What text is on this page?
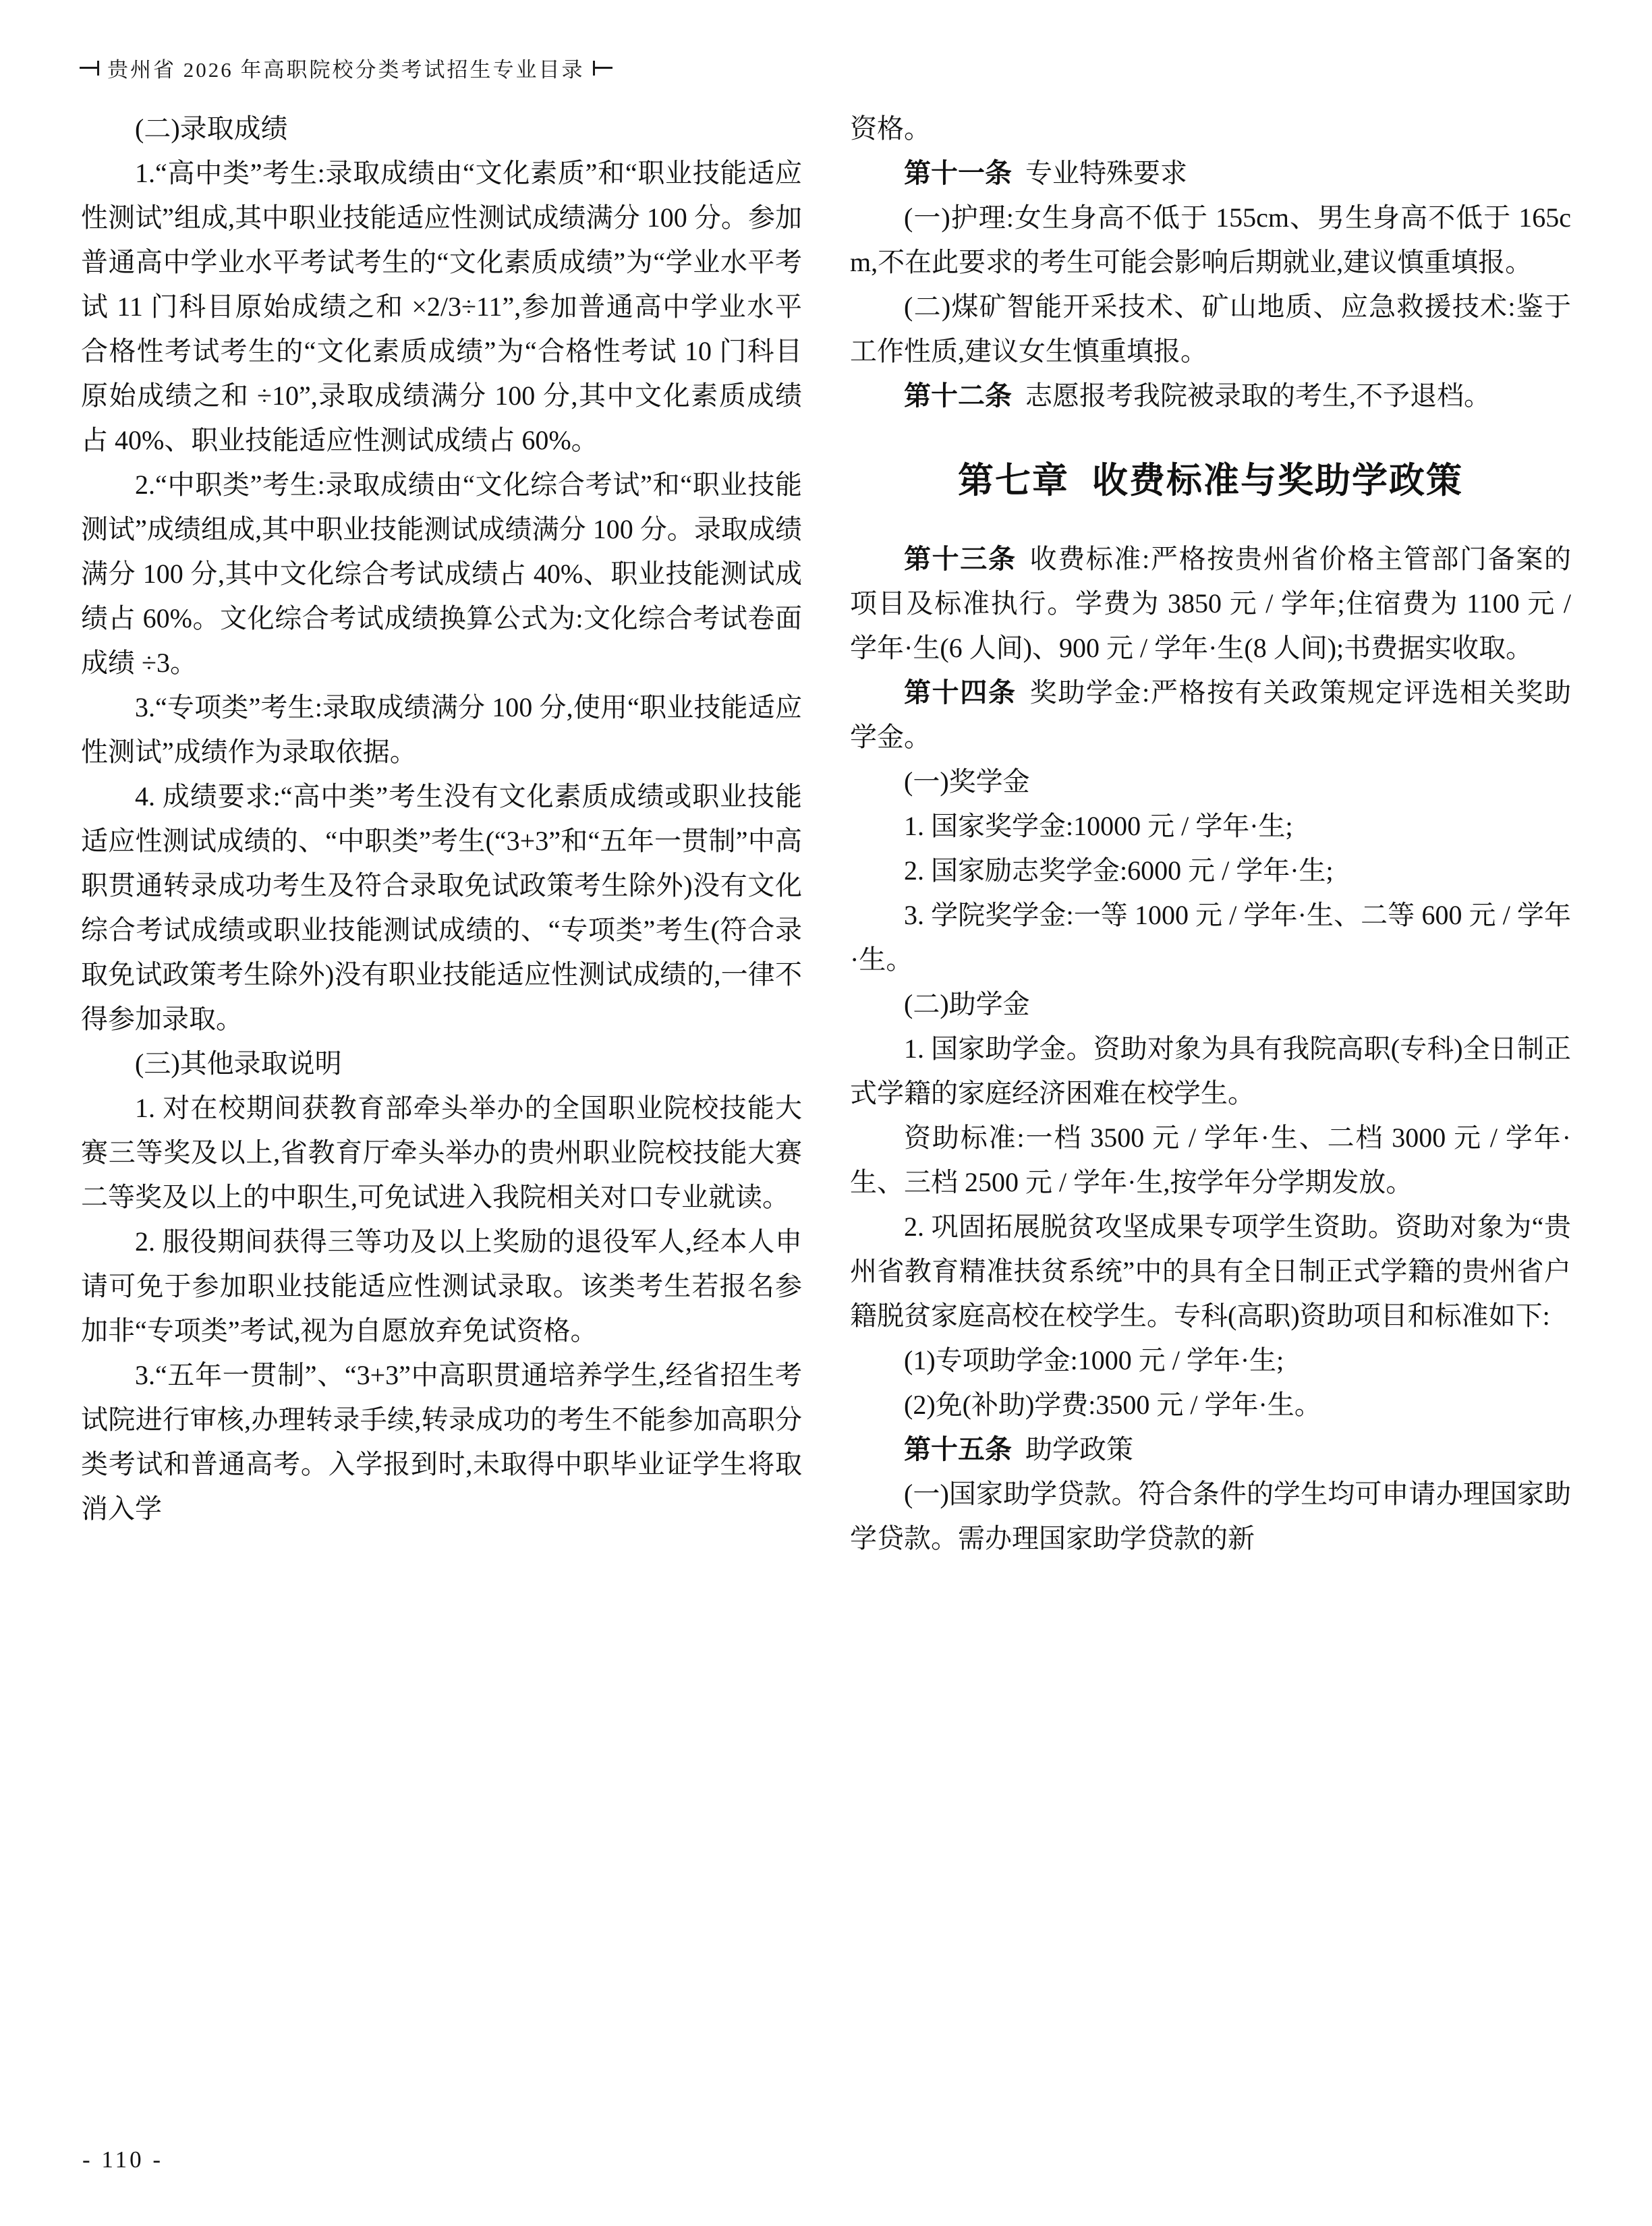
贵州省 2026 年高职院校分类考试招生专业目录

(二)录取成绩

1.“高中类”考生:录取成绩由“文化素质”和“职业技能适应性测试”组成,其中职业技能适应性测试成绩满分 100 分。参加普通高中学业水平考试考生的“文化素质成绩”为“学业水平考试 11 门科目原始成绩之和 ×2/3÷11”,参加普通高中学业水平合格性考试考生的“文化素质成绩”为“合格性考试 10 门科目原始成绩之和 ÷10”,录取成绩满分 100 分,其中文化素质成绩占 40%、职业技能适应性测试成绩占 60%。

2.“中职类”考生:录取成绩由“文化综合考试”和“职业技能测试”成绩组成,其中职业技能测试成绩满分 100 分。录取成绩满分 100 分,其中文化综合考试成绩占 40%、职业技能测试成绩占 60%。文化综合考试成绩换算公式为:文化综合考试卷面成绩 ÷3。

3.“专项类”考生:录取成绩满分 100 分,使用“职业技能适应性测试”成绩作为录取依据。

4. 成绩要求:“高中类”考生没有文化素质成绩或职业技能适应性测试成绩的、“中职类”考生(“3+3”和“五年一贯制”中高职贯通转录成功考生及符合录取免试政策考生除外)没有文化综合考试成绩或职业技能测试成绩的、“专项类”考生(符合录取免试政策考生除外)没有职业技能适应性测试成绩的,一律不得参加录取。

(三)其他录取说明

1. 对在校期间获教育部牵头举办的全国职业院校技能大赛三等奖及以上,省教育厅牵头举办的贵州职业院校技能大赛二等奖及以上的中职生,可免试进入我院相关对口专业就读。

2. 服役期间获得三等功及以上奖励的退役军人,经本人申请可免于参加职业技能适应性测试录取。该类考生若报名参加非“专项类”考试,视为自愿放弃免试资格。

3.“五年一贯制”、“3+3”中高职贯通培养学生,经省招生考试院进行审核,办理转录手续,转录成功的考生不能参加高职分类考试和普通高考。入学报到时,未取得中职毕业证学生将取消入学

资格。

第十一条 专业特殊要求

(一)护理:女生身高不低于 155cm、男生身高不低于 165cm,不在此要求的考生可能会影响后期就业,建议慎重填报。

(二)煤矿智能开采技术、矿山地质、应急救援技术:鉴于工作性质,建议女生慎重填报。

第十二条 志愿报考我院被录取的考生,不予退档。

第七章 收费标准与奖助学政策

第十三条 收费标准:严格按贵州省价格主管部门备案的项目及标准执行。学费为 3850 元 / 学年;住宿费为 1100 元 / 学年·生(6 人间)、900 元 / 学年·生(8 人间);书费据实收取。

第十四条 奖助学金:严格按有关政策规定评选相关奖助学金。

(一)奖学金

1. 国家奖学金:10000 元 / 学年·生;

2. 国家励志奖学金:6000 元 / 学年·生;

3. 学院奖学金:一等 1000 元 / 学年·生、二等 600 元 / 学年·生。

(二)助学金

1. 国家助学金。资助对象为具有我院高职(专科)全日制正式学籍的家庭经济困难在校学生。

资助标准:一档 3500 元 / 学年·生、二档 3000 元 / 学年·生、三档 2500 元 / 学年·生,按学年分学期发放。

2. 巩固拓展脱贫攻坚成果专项学生资助。资助对象为“贵州省教育精准扶贫系统”中的具有全日制正式学籍的贵州省户籍脱贫家庭高校在校学生。专科(高职)资助项目和标准如下:

(1)专项助学金:1000 元 / 学年·生;

(2)免(补助)学费:3500 元 / 学年·生。

第十五条 助学政策

(一)国家助学贷款。符合条件的学生均可申请办理国家助学贷款。需办理国家助学贷款的新

- 110 -
